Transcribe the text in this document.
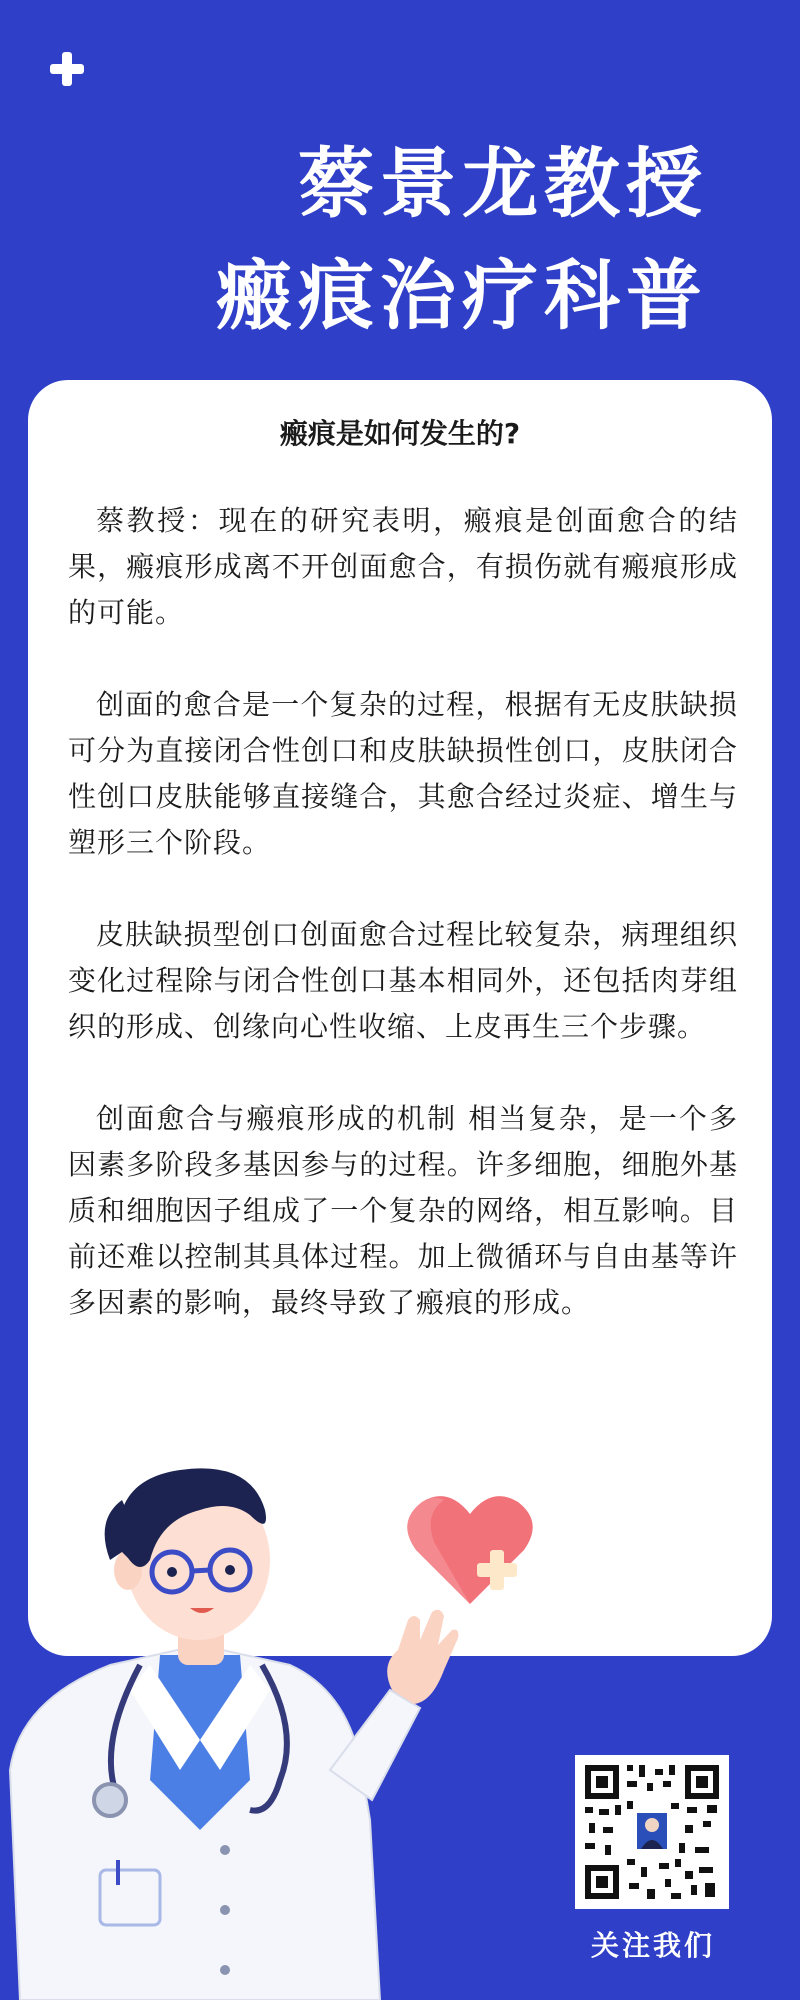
蔡景龙教授
瘢痕治疗科普
瘢痕是如何发生的?

蔡教授：现在的研究表明，瘢痕是创面愈合的结果，瘢痕形成离不开创面愈合，有损伤就有瘢痕形成的可能。

创面的愈合是一个复杂的过程，根据有无皮肤缺损可分为直接闭合性创口和皮肤缺损性创口，皮肤闭合性创口皮肤能够直接缝合，其愈合经过炎症、增生与塑形三个阶段。

皮肤缺损型创口创面愈合过程比较复杂，病理组织变化过程除与闭合性创口基本相同外，还包括肉芽组织的形成、创缘向心性收缩、上皮再生三个步骤。

创面愈合与瘢痕形成的机制 相当复杂，是一个多因素多阶段多基因参与的过程。许多细胞，细胞外基质和细胞因子组成了一个复杂的网络，相互影响。目前还难以控制其具体过程。加上微循环与自由基等许多因素的影响，最终导致了瘢痕的形成。

关注我们
